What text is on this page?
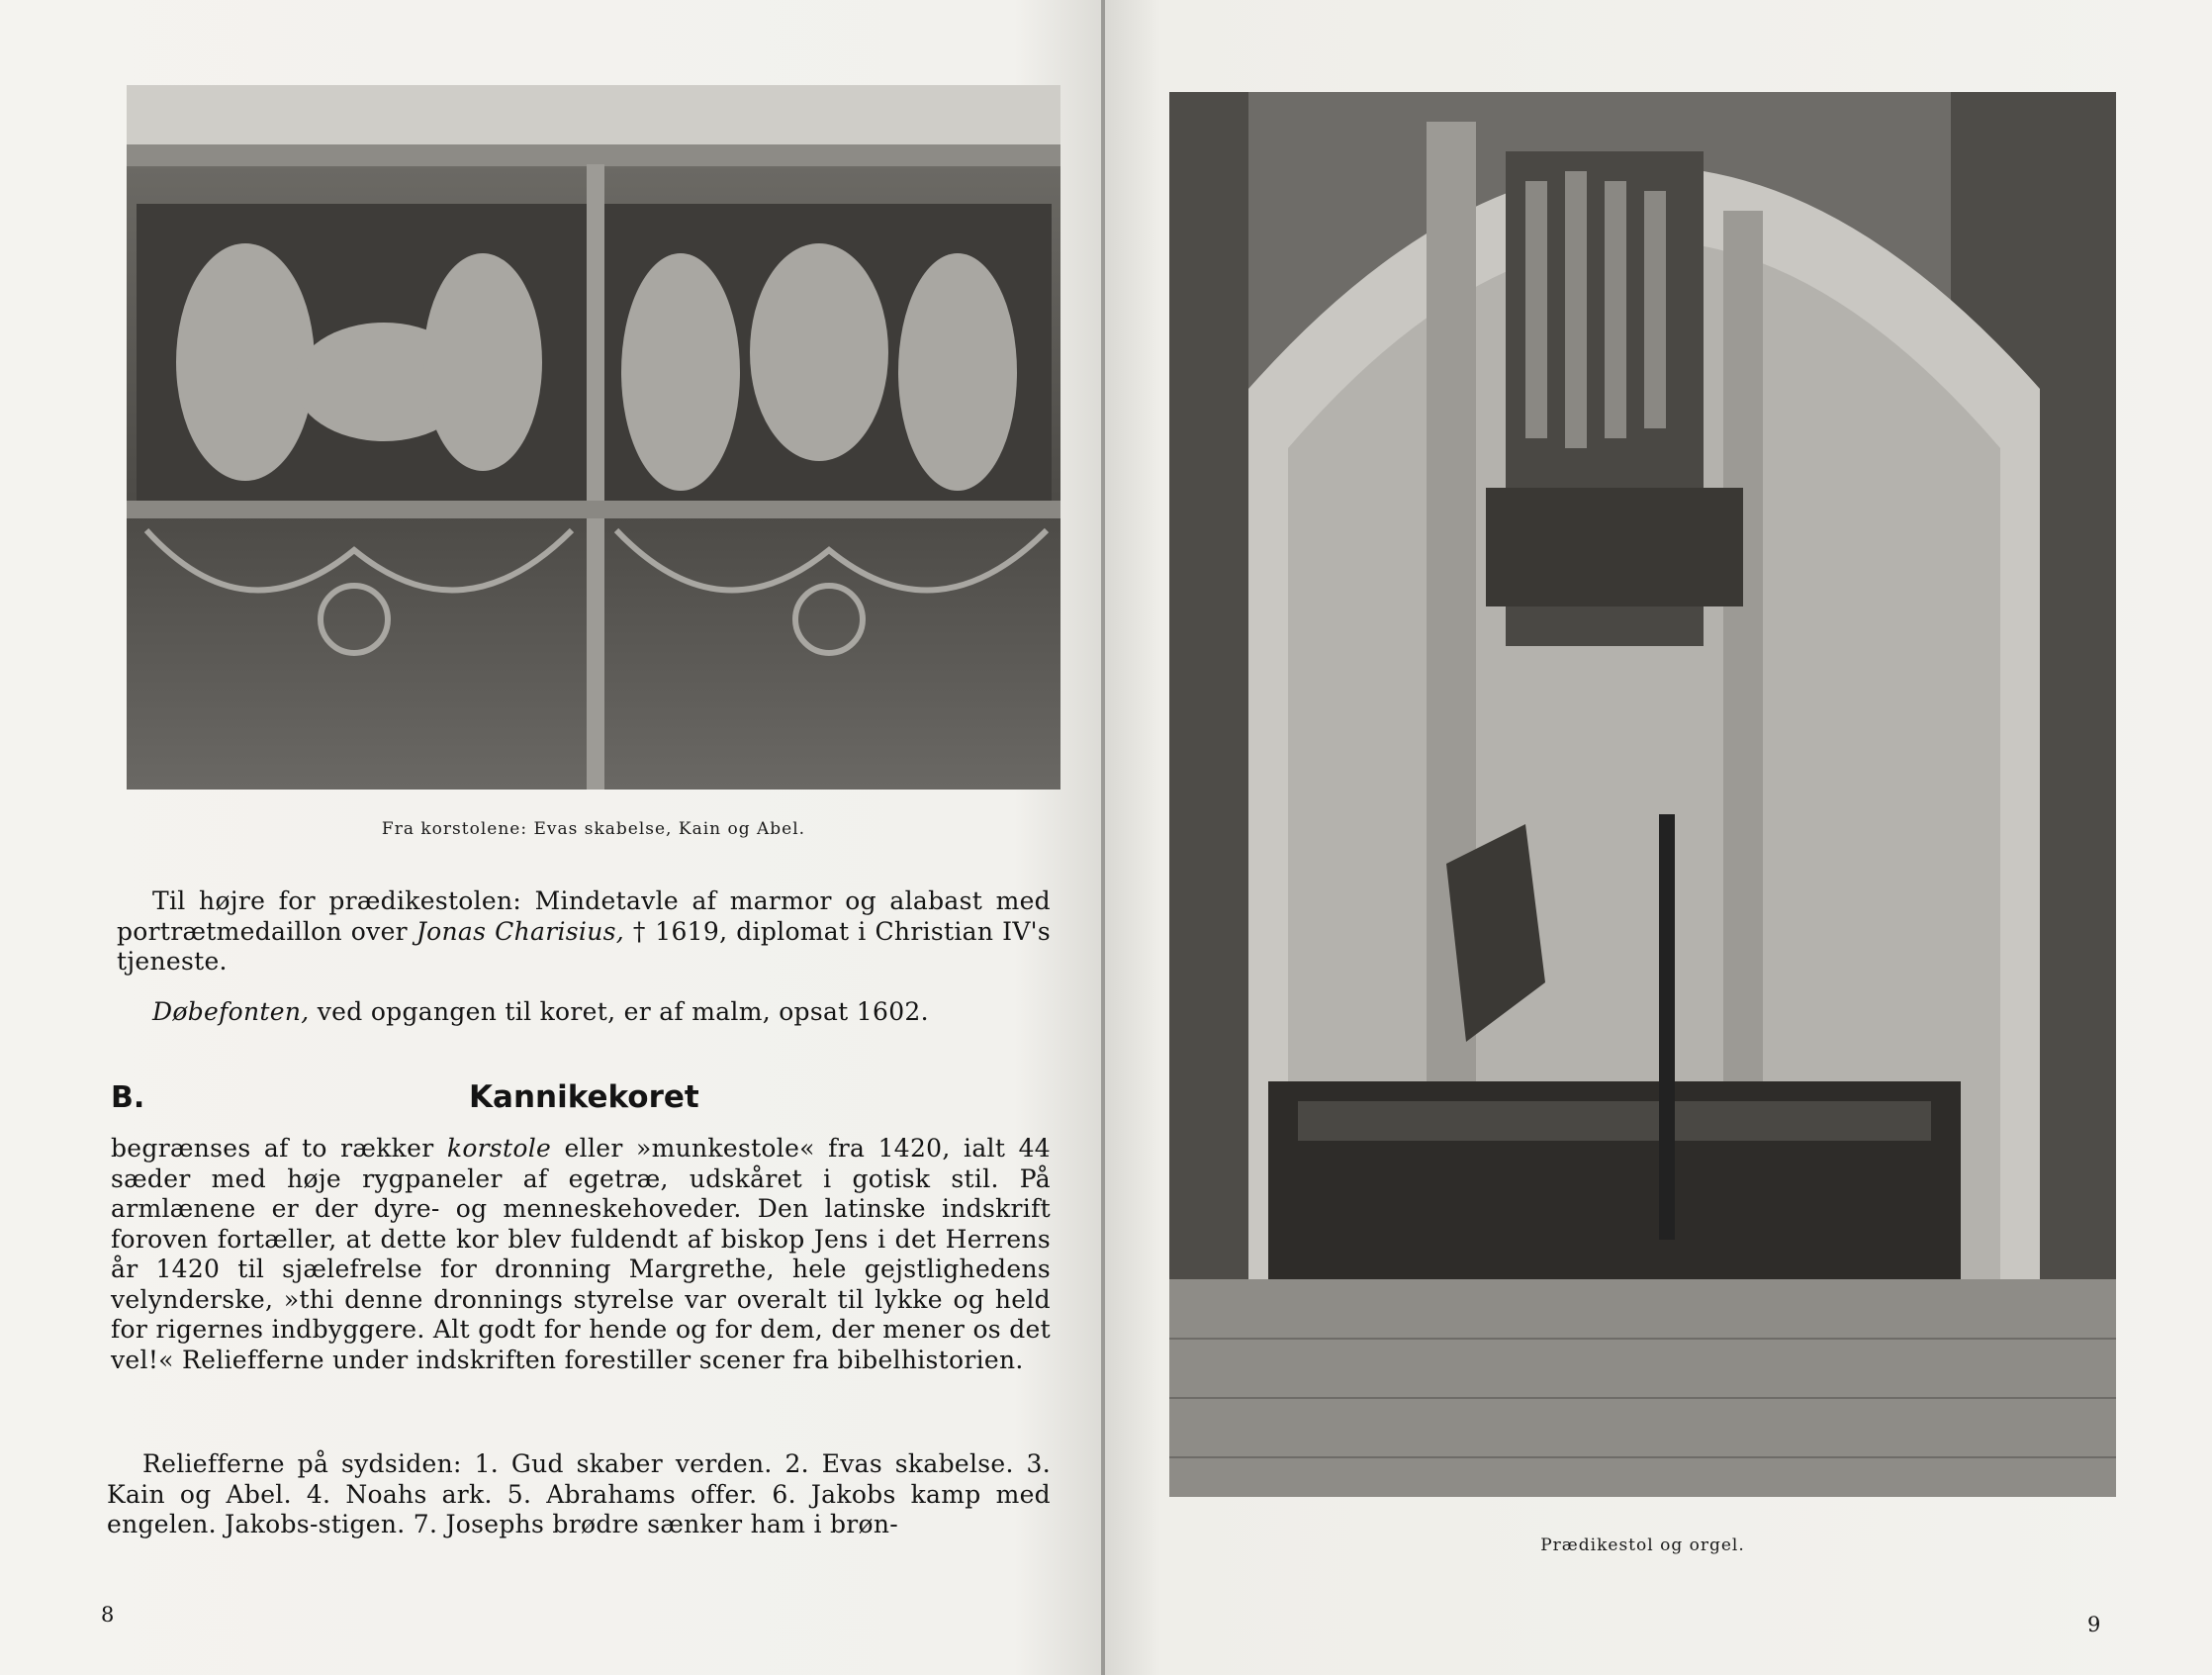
Fra korstolene: Evas skabelse, Kain og Abel.

Til højre for prædikestolen: Mindetavle af marmor og alabast med portrætmedaillon over Jonas Charisius, † 1619, diplomat i Christian IV's tjeneste.

Døbefonten, ved opgangen til koret, er af malm, opsat 1602.

B.	Kannikekoret

begrænses af to rækker korstole eller »munkestole« fra 1420, ialt 44 sæder med høje rygpaneler af egetræ, udskåret i gotisk stil. På armlænene er der dyre- og menneskehoveder. Den latinske indskrift foroven fortæller, at dette kor blev fuldendt af biskop Jens i det Herrens år 1420 til sjælefrelse for dronning Margrethe, hele gejstlighedens velynderske, »thi denne dronnings styrelse var overalt til lykke og held for rigernes indbyggere. Alt godt for hende og for dem, der mener os det vel!« Reliefferne under indskriften forestiller scener fra bibelhistorien.

Reliefferne på sydsiden: 1. Gud skaber verden. 2. Evas skabelse. 3. Kain og Abel. 4. Noahs ark. 5. Abrahams offer. 6. Jakobs kamp med engelen. Jakobs-stigen. 7. Josephs brødre sænker ham i brøn-

8
Prædikestol og orgel.
9
